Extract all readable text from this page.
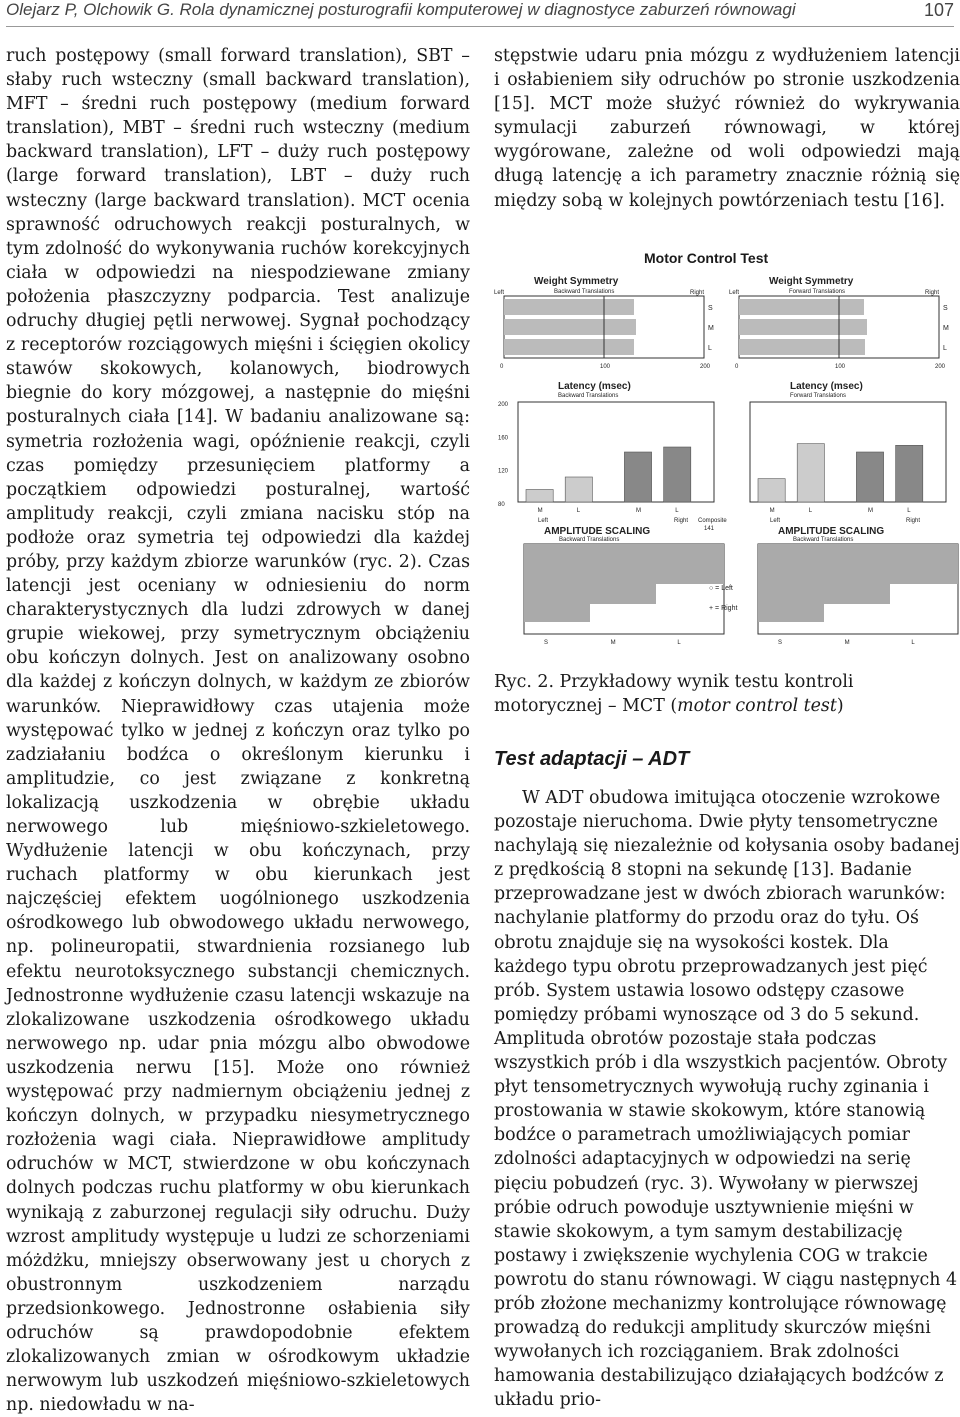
Olejarz P, Olchowik G. Rola dynamicznej posturografii komputerowej w diagnostyce zaburzeń równowagi	107

ruch postępowy (small forward translation), SBT – słaby ruch wsteczny (small backward translation), MFT – średni ruch postępowy (medium forward translation), MBT – średni ruch wsteczny (medium backward translation), LFT – duży ruch postępowy (large forward translation), LBT – duży ruch wsteczny (large backward translation). MCT ocenia sprawność odruchowych reakcji posturalnych, w tym zdolność do wykonywania ruchów korekcyjnych ciała w odpowiedzi na niespodziewane zmiany położenia płaszczyzny podparcia. Test analizuje odruchy długiej pętli nerwowej. Sygnał pochodzący z receptorów rozciągowych mięśni i ścięgien okolicy stawów skokowych, kolanowych, biodrowych biegnie do kory mózgowej, a następnie do mięśni posturalnych ciała [14]. W badaniu analizowane są: symetria rozłożenia wagi, opóźnienie reakcji, czyli czas pomiędzy przesunięciem platformy a początkiem odpowiedzi posturalnej, wartość amplitudy reakcji, czyli zmiana nacisku stóp na podłoże oraz symetria tej odpowiedzi dla każdej próby, przy każdym zbiorze warunków (ryc. 2). Czas latencji jest oceniany w odniesieniu do norm charakterystycznych dla ludzi zdrowych w danej grupie wiekowej, przy symetrycznym obciążeniu obu kończyn dolnych. Jest on analizowany osobno dla każdej z kończyn dolnych, w każdym ze zbiorów warunków. Nieprawidłowy czas utajenia może występować tylko w jednej z kończyn oraz tylko po zadziałaniu bodźca o określonym kierunku i amplitudzie, co jest związane z konkretną lokalizacją uszkodzenia w obrębie układu nerwowego lub mięśniowo-szkieletowego. Wydłużenie latencji w obu kończynach, przy ruchach platformy w obu kierunkach jest najczęściej efektem uogólnionego uszkodzenia ośrodkowego lub obwodowego układu nerwowego, np. polineuropatii, stwardnienia rozsianego lub efektu neurotoksycznego substancji chemicznych. Jednostronne wydłużenie czasu latencji wskazuje na zlokalizowane uszkodzenia ośrodkowego układu nerwowego np. udar pnia mózgu albo obwodowe uszkodzenia nerwu [15]. Może ono również występować przy nadmiernym obciążeniu jednej z kończyn dolnych, w przypadku niesymetrycznego rozłożenia wagi ciała. Nieprawidłowe amplitudy odruchów w MCT, stwierdzone w obu kończynach dolnych podczas ruchu platformy w obu kierunkach wynikają z zaburzonej regulacji siły odruchu. Duży wzrost amplitudy występuje u ludzi ze schorzeniami móżdżku, mniejszy obserwowany jest u chorych z obustronnym uszkodzeniem narządu przedsionkowego. Jednostronne osłabienia siły odruchów są prawdopodobnie efektem zlokalizowanych zmian w ośrodkowym układzie nerwowym lub uszkodzeń mięśniowo-szkieletowych np. niedowładu w na-

stępstwie udaru pnia mózgu z wydłużeniem latencji i osłabieniem siły odruchów po stronie uszkodzenia [15]. MCT może służyć również do wykrywania symulacji zaburzeń równowagi, w której wygórowane, zależne od woli odpowiedzi mają długą latencję a ich parametry znacznie różnią się między sobą w kolejnych powtórzeniach testu [16].

Motor Control Test
Weight Symmetry
Backward Translations
Left	Right
S
M
L
0	100	200
Weight Symmetry
Forward Translations
Left	Right
S
M
L
0	100	200
Latency (msec)
Backward Translations
200
160
120
80
M	L	M	L
Left	Right Composite
141
Latency (msec)
Forward Translations
M	L	M	L
Left	Right
AMPLITUDE SCALING
Backward Translations
S	M	L
AMPLITUDE SCALING
Backward Translations
S	M	L
○ = Left
+ = Right
Ryc. 2. Przykładowy wynik testu kontroli motorycznej – MCT (motor control test)
Test adaptacji – ADT

W ADT obudowa imitująca otoczenie wzrokowe pozostaje nieruchoma. Dwie płyty tensometryczne nachylają się niezależnie od kołysania osoby badanej z prędkością 8 stopni na sekundę [13]. Badanie przeprowadzane jest w dwóch zbiorach warunków: nachylanie platformy do przodu oraz do tyłu. Oś obrotu znajduje się na wysokości kostek. Dla każdego typu obrotu przeprowadzanych jest pięć prób. System ustawia losowo odstępy czasowe pomiędzy próbami wynoszące od 3 do 5 sekund. Amplituda obrotów pozostaje stała podczas wszystkich prób i dla wszystkich pacjentów. Obroty płyt tensometrycznych wywołują ruchy zginania i prostowania w stawie skokowym, które stanowią bodźce o parametrach umożliwiających pomiar zdolności adaptacyjnych w odpowiedzi na serię pięciu pobudzeń (ryc. 3). Wywołany w pierwszej próbie odruch powoduje usztywnienie mięśni w stawie skokowym, a tym samym destabilizację postawy i zwiększenie wychylenia COG w trakcie powrotu do stanu równowagi. W ciągu następnych 4 prób złożone mechanizmy kontrolujące równowagę prowadzą do redukcji amplitudy skurczów mięśni wywołanych ich rozciąganiem. Brak zdolności hamowania destabilizująco działających bodźców z układu prio-
